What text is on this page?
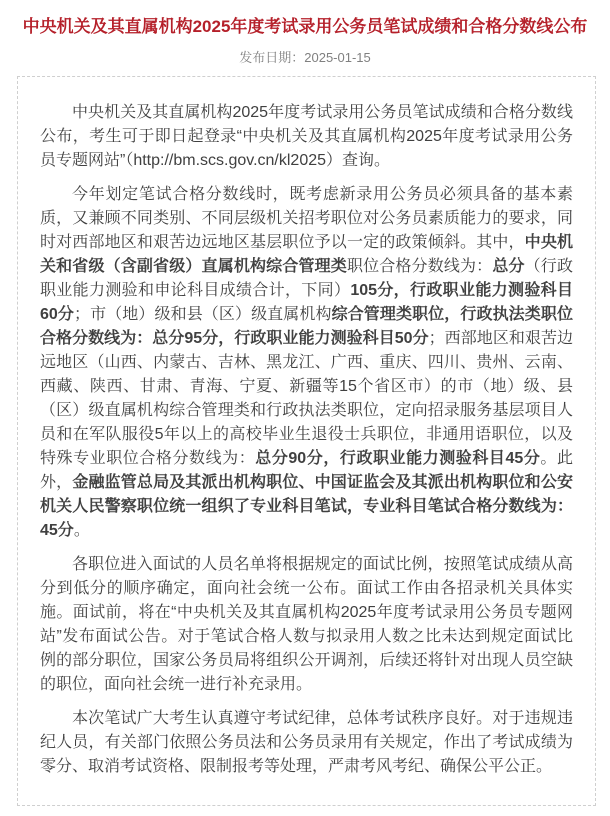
中央机关及其直属机构2025年度考试录用公务员笔试成绩和合格分数线公布
发布日期：2025-01-15

中央机关及其直属机构2025年度考试录用公务员笔试成绩和合格分数线公布，考生可于即日起登录“中央机关及其直属机构2025年度考试录用公务员专题网站”（http://bm.scs.gov.cn/kl2025）查询。

今年划定笔试合格分数线时，既考虑新录用公务员必须具备的基本素质，又兼顾不同类别、不同层级机关招考职位对公务员素质能力的要求，同时对西部地区和艰苦边远地区基层职位予以一定的政策倾斜。其中，中央机关和省级（含副省级）直属机构综合管理类职位合格分数线为：总分（行政职业能力测验和申论科目成绩合计，下同）105分，行政职业能力测验科目60分；市（地）级和县（区）级直属机构综合管理类职位，行政执法类职位合格分数线为：总分95分，行政职业能力测验科目50分；西部地区和艰苦边远地区（山西、内蒙古、吉林、黑龙江、广西、重庆、四川、贵州、云南、西藏、陕西、甘肃、青海、宁夏、新疆等15个省区市）的市（地）级、县（区）级直属机构综合管理类和行政执法类职位，定向招录服务基层项目人员和在军队服役5年以上的高校毕业生退役士兵职位，非通用语职位，以及特殊专业职位合格分数线为：总分90分，行政职业能力测验科目45分。此外，金融监管总局及其派出机构职位、中国证监会及其派出机构职位和公安机关人民警察职位统一组织了专业科目笔试，专业科目笔试合格分数线为：45分。

各职位进入面试的人员名单将根据规定的面试比例，按照笔试成绩从高分到低分的顺序确定，面向社会统一公布。面试工作由各招录机关具体实施。面试前，将在“中央机关及其直属机构2025年度考试录用公务员专题网站”发布面试公告。对于笔试合格人数与拟录用人数之比未达到规定面试比例的部分职位，国家公务员局将组织公开调剂，后续还将针对出现人员空缺的职位，面向社会统一进行补充录用。

本次笔试广大考生认真遵守考试纪律，总体考试秩序良好。对于违规违纪人员，有关部门依照公务员法和公务员录用有关规定，作出了考试成绩为零分、取消考试资格、限制报考等处理，严肃考风考纪、确保公平公正。
